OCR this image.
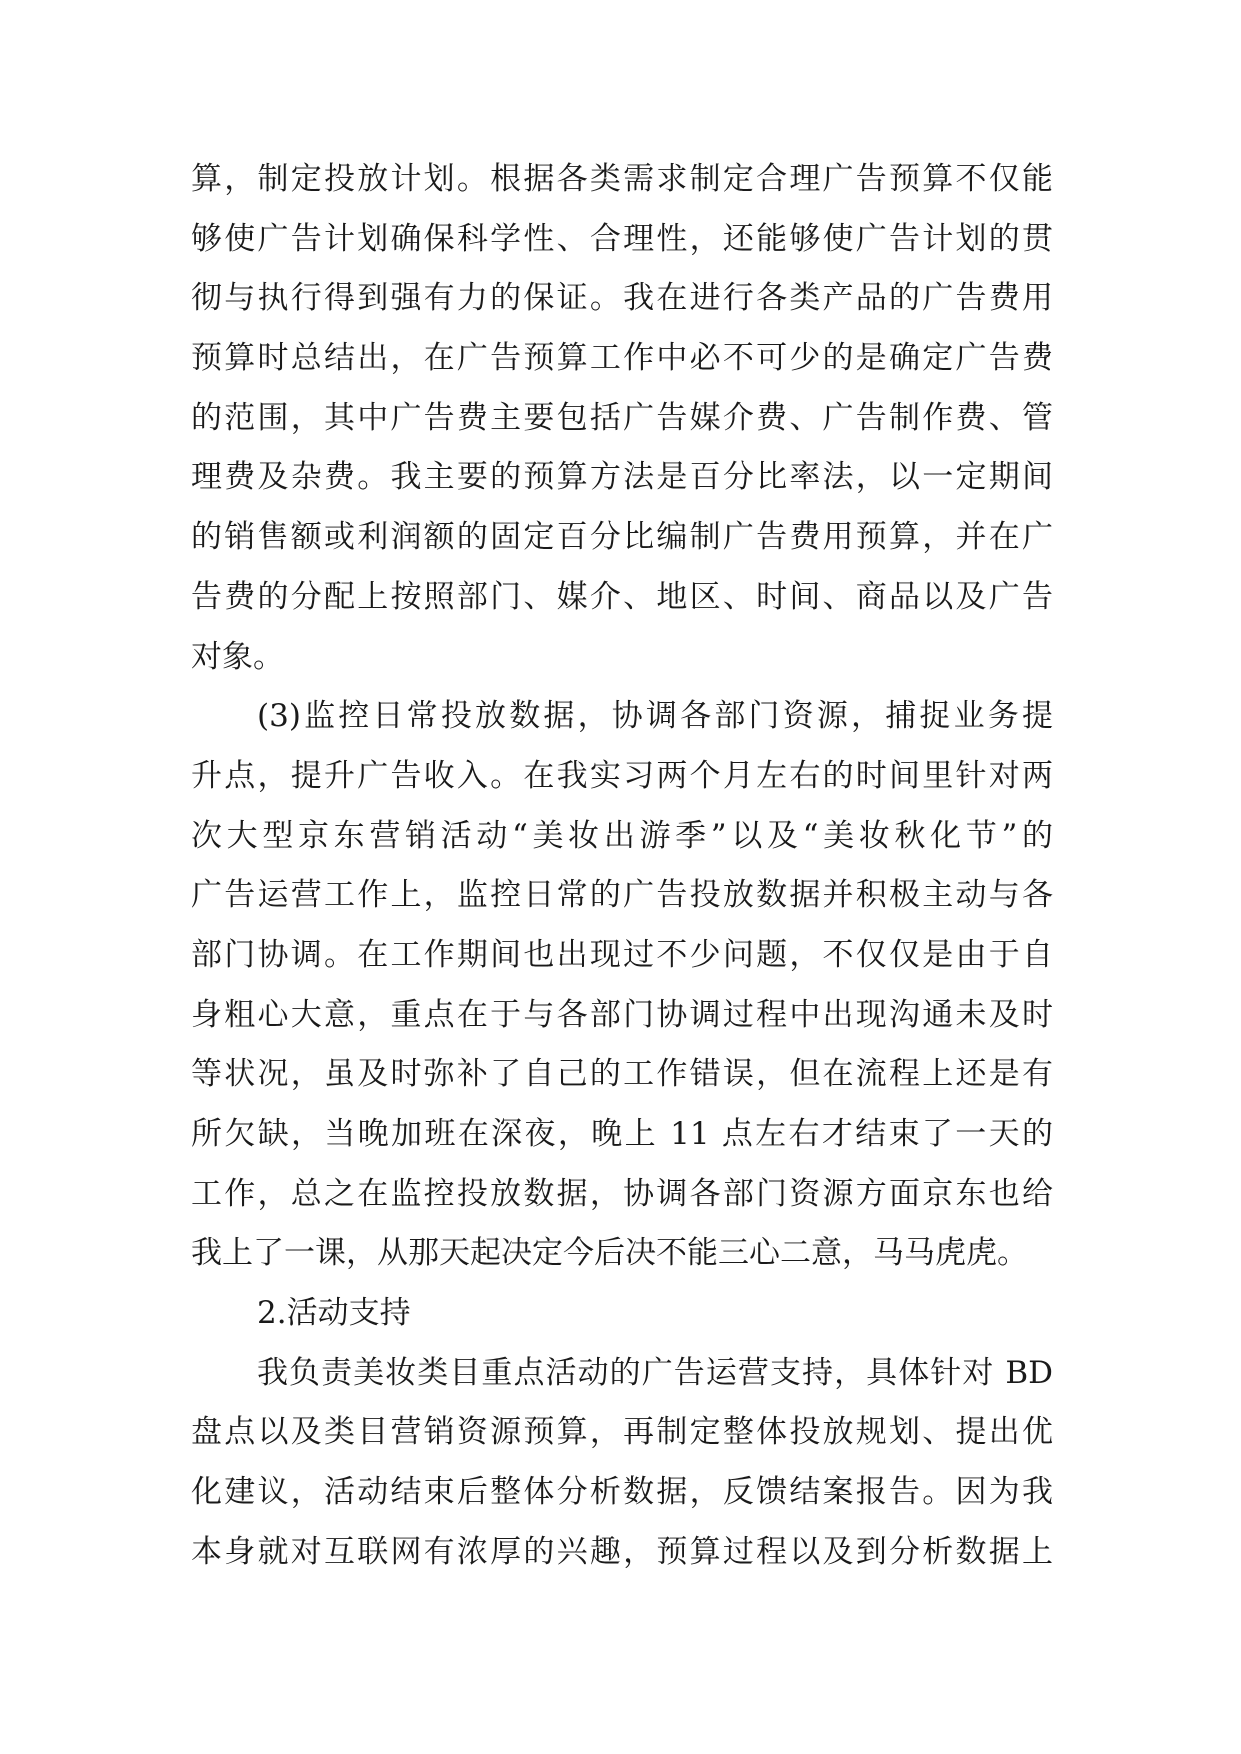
算，制定投放计划。根据各类需求制定合理广告预算不仅能
够使广告计划确保科学性、合理性，还能够使广告计划的贯
彻与执行得到强有力的保证。我在进行各类产品的广告费用
预算时总结出，在广告预算工作中必不可少的是确定广告费
的范围，其中广告费主要包括广告媒介费、广告制作费、管
理费及杂费。我主要的预算方法是百分比率法，以一定期间
的销售额或利润额的固定百分比编制广告费用预算，并在广
告费的分配上按照部门、媒介、地区、时间、商品以及广告
对象。
(3)监控日常投放数据，协调各部门资源，捕捉业务提
升点，提升广告收入。在我实习两个月左右的时间里针对两
次大型京东营销活动“美妆出游季”以及“美妆秋化节”的
广告运营工作上，监控日常的广告投放数据并积极主动与各
部门协调。在工作期间也出现过不少问题，不仅仅是由于自
身粗心大意，重点在于与各部门协调过程中出现沟通未及时
等状况，虽及时弥补了自己的工作错误，但在流程上还是有
所欠缺，当晚加班在深夜，晚上 11 点左右才结束了一天的
工作，总之在监控投放数据，协调各部门资源方面京东也给
我上了一课，从那天起决定今后决不能三心二意，马马虎虎。
2.活动支持
我负责美妆类目重点活动的广告运营支持，具体针对 BD
盘点以及类目营销资源预算，再制定整体投放规划、提出优
化建议，活动结束后整体分析数据，反馈结案报告。因为我
本身就对互联网有浓厚的兴趣，预算过程以及到分析数据上
